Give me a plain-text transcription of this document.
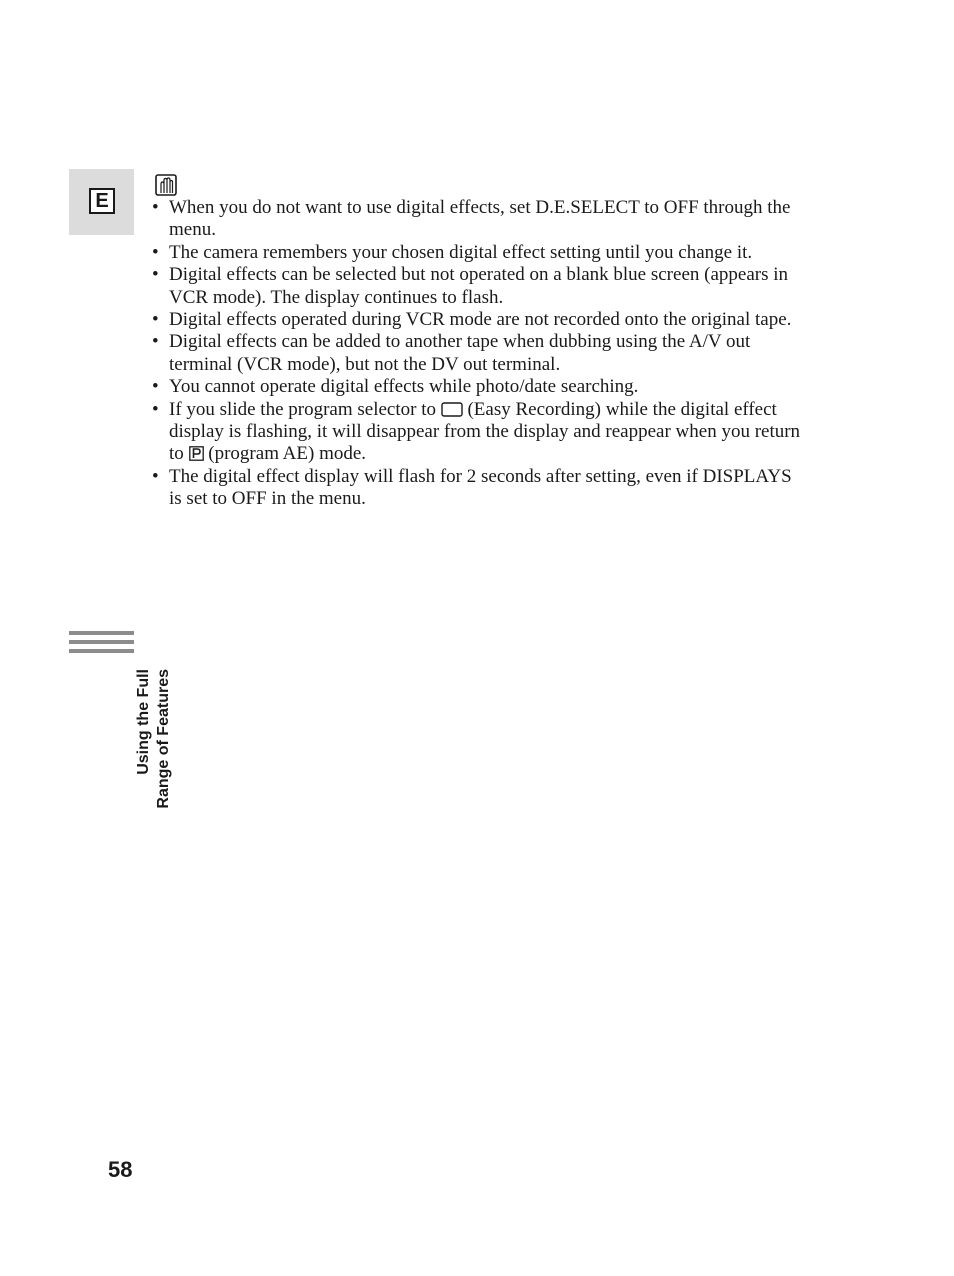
E	• When you do not want to use digital effects, set D.E.SELECT to OFF through the menu.
• The camera remembers your chosen digital effect setting until you change it.
• Digital effects can be selected but not operated on a blank blue screen (appears in VCR mode). The display continues to flash.
• Digital effects operated during VCR mode are not recorded onto the original tape.
• Digital effects can be added to another tape when dubbing using the A/V out terminal (VCR mode), but not the DV out terminal.
• You cannot operate digital effects while photo/date searching.
• If you slide the program selector to (Easy Recording) while the digital effect display is flashing, it will disappear from the display and reappear when you return to (program AE) mode.
• The digital effect display will flash for 2 seconds after setting, even if DISPLAYS is set to OFF in the menu.
Using the Full Range of Features
58
